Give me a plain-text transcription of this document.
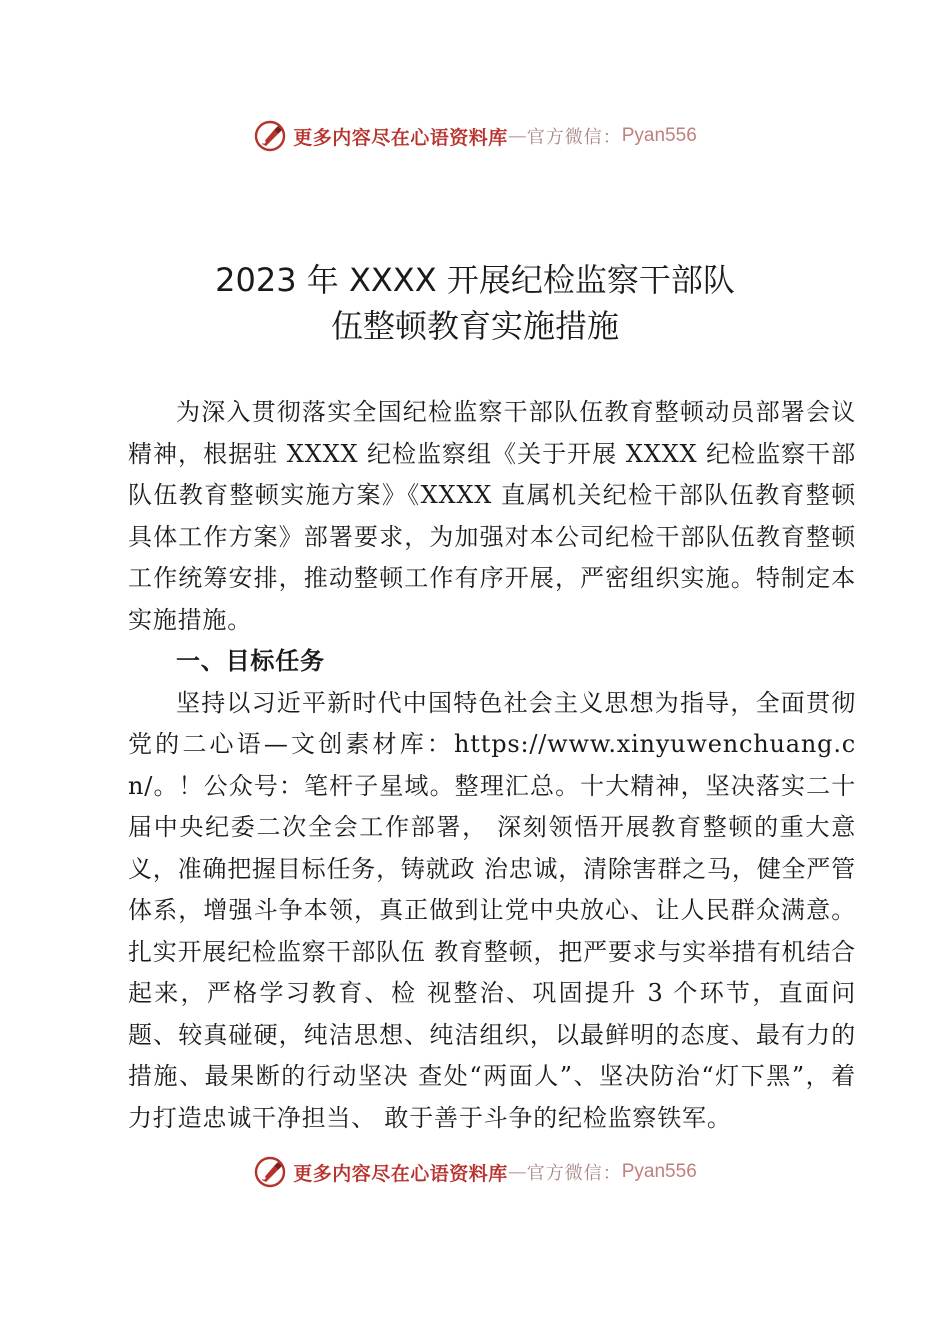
更多内容尽在心语资料库 — 官方微信： Pyan556
2023 年 XXXX 开展纪检监察干部队
伍整顿教育实施措施

为深入贯彻落实全国纪检监察干部队伍教育整顿动员部署会议精神，根据驻 XXXX 纪检监察组《关于开展 XXXX 纪检监察干部队伍教育整顿实施方案》《XXXX 直属机关纪检干部队伍教育整顿具体工作方案》部署要求，为加强对本公司纪检干部队伍教育整顿工作统筹安排，推动整顿工作有序开展，严密组织实施。特制定本实施措施。

一、目标任务

坚持以习近平新时代中国特色社会主义思想为指导，全面贯彻党的二心语—文创素材库：https://www.xinyuwenchuang.cn/。！公众号：笔杆子星域。整理汇总。十大精神，坚决落实二十届中央纪委二次全会工作部署， 深刻领悟开展教育整顿的重大意义，准确把握目标任务，铸就政 治忠诚，清除害群之马，健全严管体系，增强斗争本领，真正做到让党中央放心、让人民群众满意。扎实开展纪检监察干部队伍 教育整顿，把严要求与实举措有机结合起来，严格学习教育、检 视整治、巩固提升 3 个环节，直面问题、较真碰硬，纯洁思想、纯洁组织，以最鲜明的态度、最有力的措施、最果断的行动坚决 查处“两面人”、坚决防治“灯下黑”，着力打造忠诚干净担当、 敢于善于斗争的纪检监察铁军。

更多内容尽在心语资料库 — 官方微信： Pyan556
